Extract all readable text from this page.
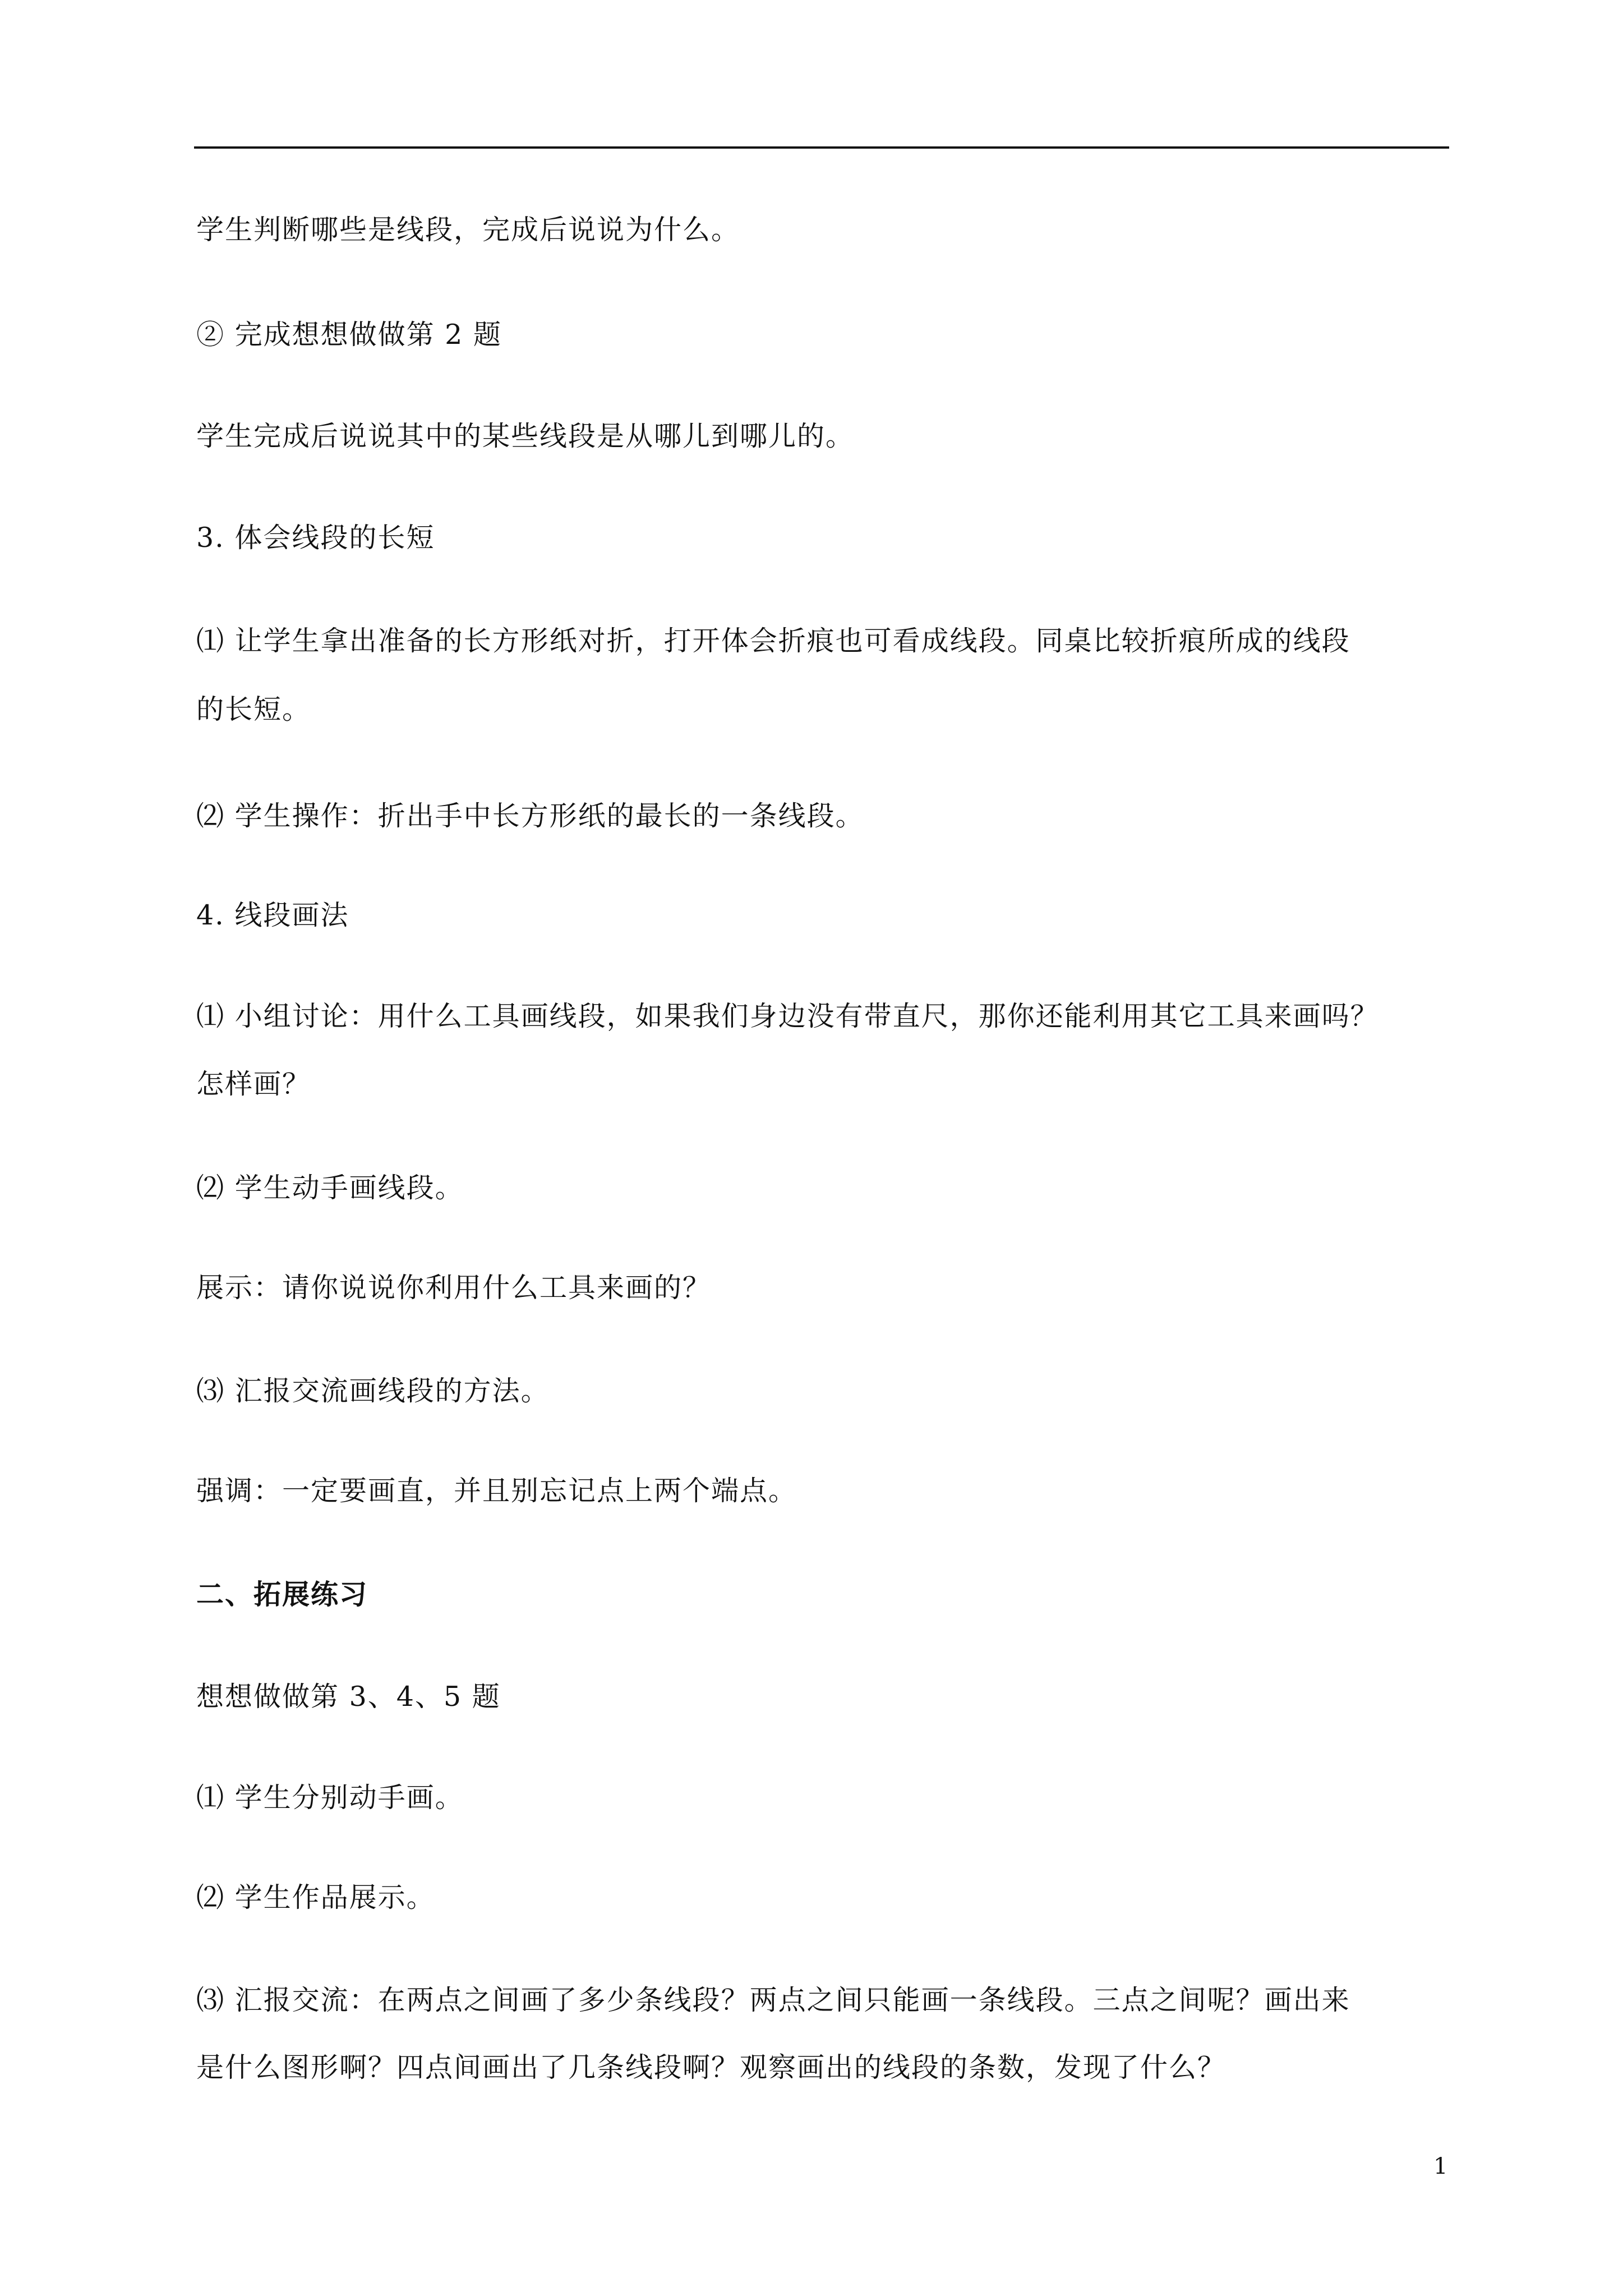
学生判断哪些是线段，完成后说说为什么。

② 完成想想做做第 2 题

学生完成后说说其中的某些线段是从哪儿到哪儿的。

3. 体会线段的长短

⑴ 让学生拿出准备的长方形纸对折，打开体会折痕也可看成线段。同桌比较折痕所成的线段

的长短。

⑵ 学生操作：折出手中长方形纸的最长的一条线段。

4. 线段画法

⑴ 小组讨论：用什么工具画线段，如果我们身边没有带直尺，那你还能利用其它工具来画吗？

怎样画？

⑵ 学生动手画线段。

展示：请你说说你利用什么工具来画的？

⑶ 汇报交流画线段的方法。

强调：一定要画直，并且别忘记点上两个端点。

二、拓展练习

想想做做第 3、4、5 题

⑴ 学生分别动手画。

⑵ 学生作品展示。

⑶ 汇报交流：在两点之间画了多少条线段？两点之间只能画一条线段。三点之间呢？画出来

是什么图形啊？四点间画出了几条线段啊？观察画出的线段的条数，发现了什么？

1
